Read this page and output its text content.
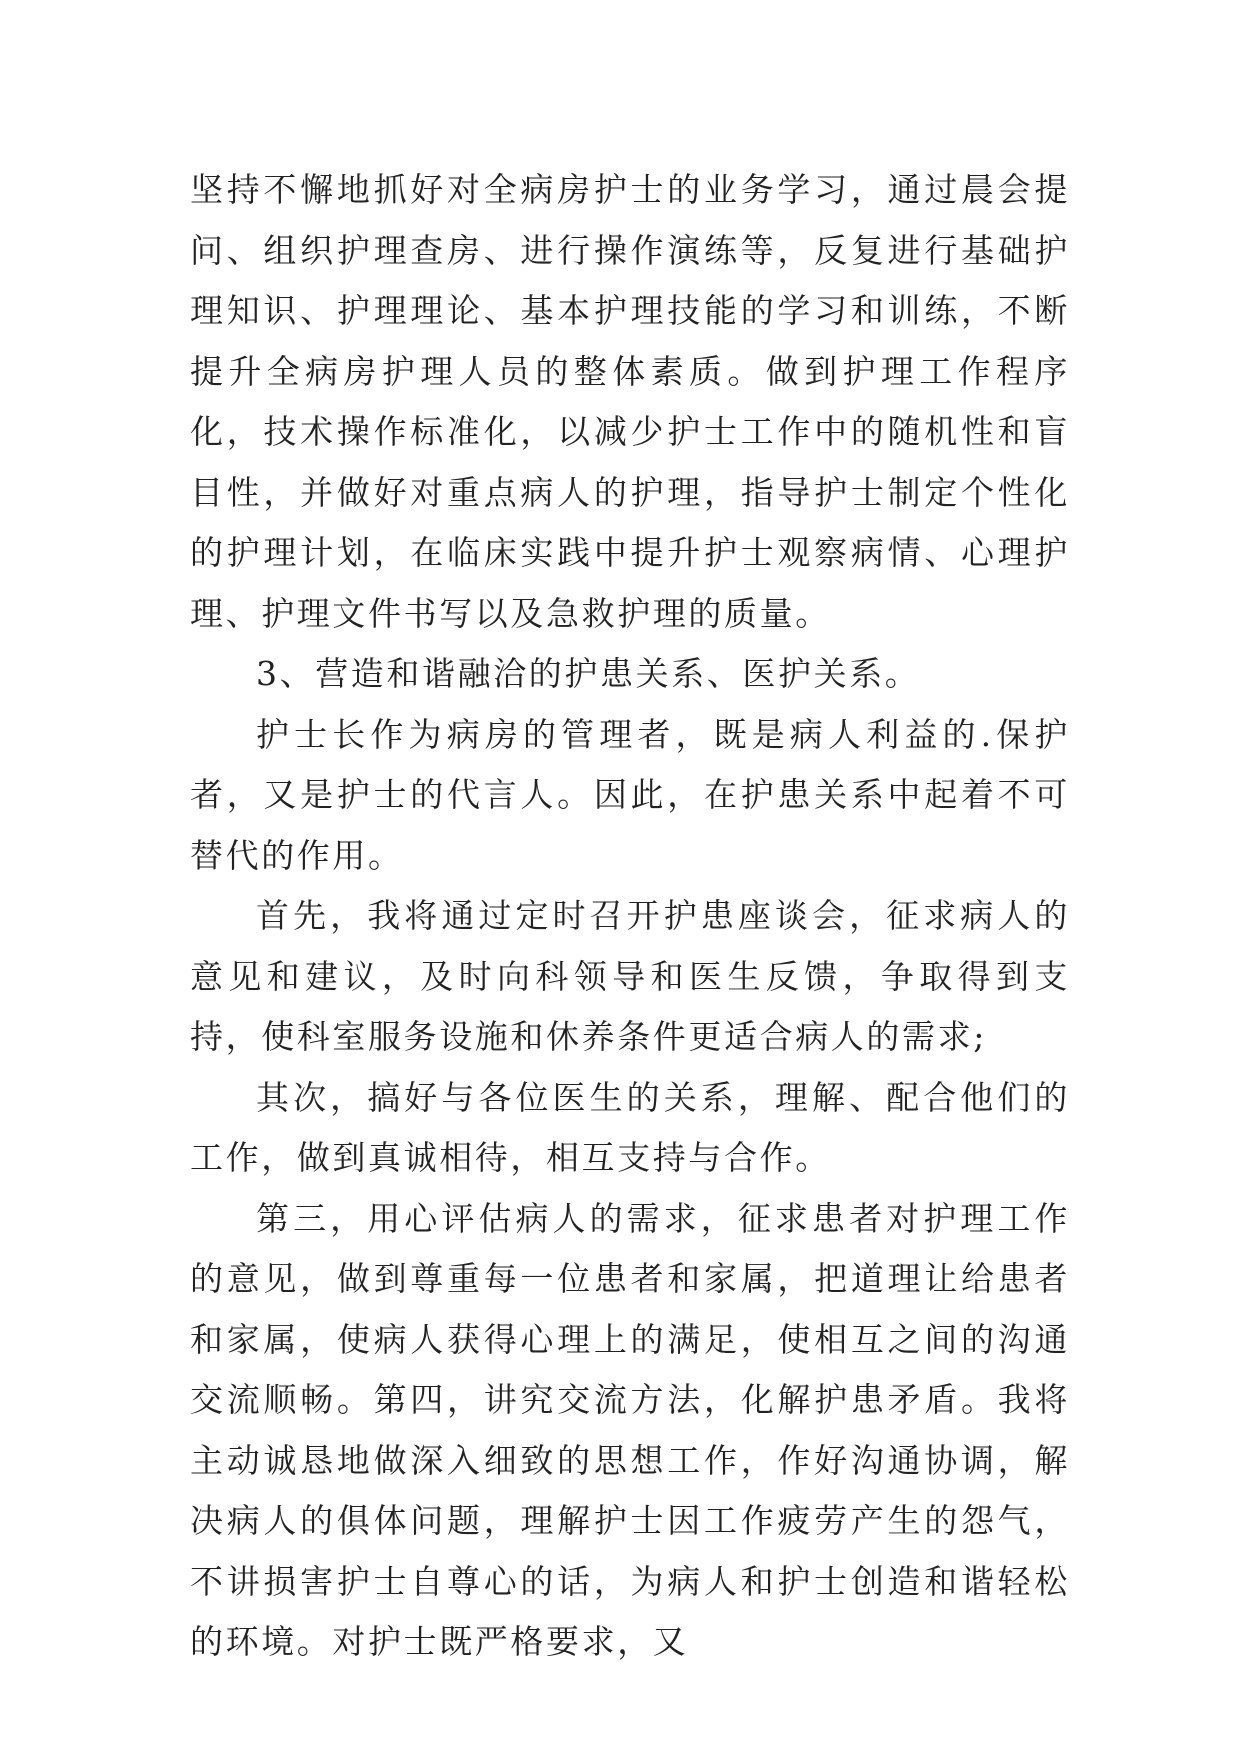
坚持不懈地抓好对全病房护士的业务学习，通过晨会提问、组织护理查房、进行操作演练等，反复进行基础护理知识、护理理论、基本护理技能的学习和训练，不断提升全病房护理人员的整体素质。做到护理工作程序化，技术操作标准化，以减少护士工作中的随机性和盲目性，并做好对重点病人的护理，指导护士制定个性化的护理计划，在临床实践中提升护士观察病情、心理护理、护理文件书写以及急救护理的质量。

3、营造和谐融洽的护患关系、医护关系。

护士长作为病房的管理者，既是病人利益的.保护者，又是护士的代言人。因此，在护患关系中起着不可替代的作用。

首先，我将通过定时召开护患座谈会，征求病人的意见和建议，及时向科领导和医生反馈，争取得到支持，使科室服务设施和休养条件更适合病人的需求;

其次，搞好与各位医生的关系，理解、配合他们的工作，做到真诚相待，相互支持与合作。

第三，用心评估病人的需求，征求患者对护理工作的意见，做到尊重每一位患者和家属，把道理让给患者和家属，使病人获得心理上的满足，使相互之间的沟通交流顺畅。第四，讲究交流方法，化解护患矛盾。我将主动诚恳地做深入细致的思想工作，作好沟通协调，解决病人的俱体问题，理解护士因工作疲劳产生的怨气，不讲损害护士自尊心的话，为病人和护士创造和谐轻松的环境。对护士既严格要求，又
